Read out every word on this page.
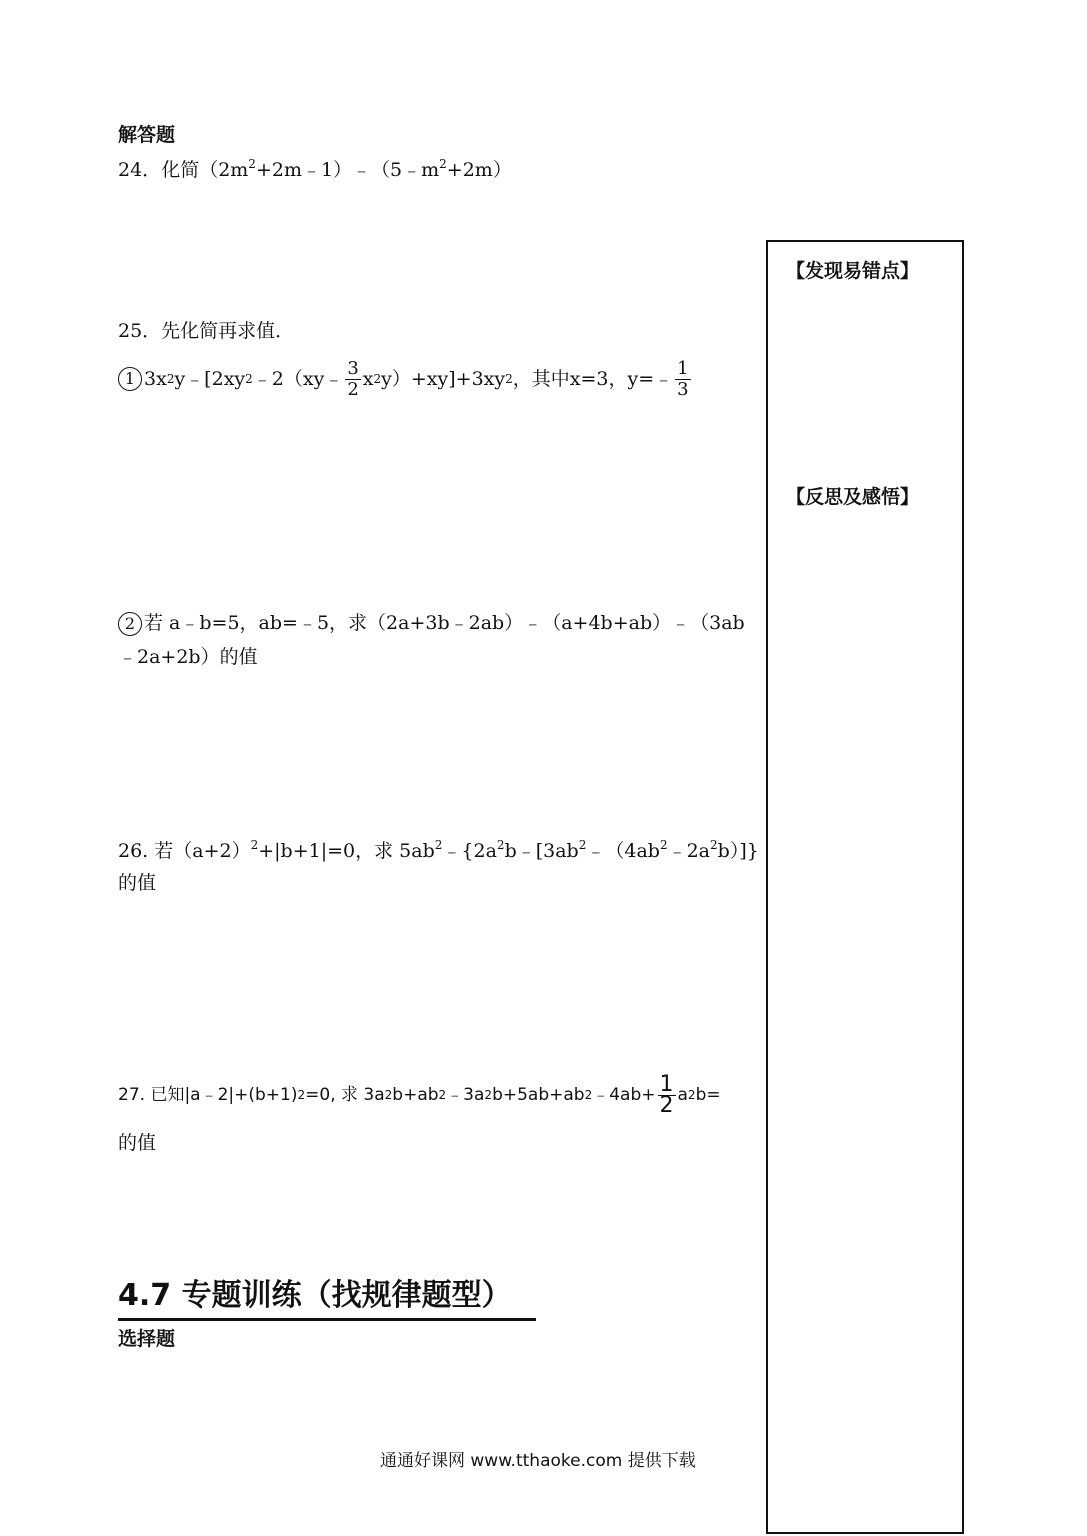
解答题
24．化简$(2m^2+2m﹣1)﹣(5﹣m^2+2m)$
25．先化简再求值．
1 3x 2 y﹣[2xy 2 ﹣2（xy﹣ $\frac{3}{2}$ x 2 y）+xy]+3xy 2 ，其中x=3，y=﹣ $\frac{1}{3}$
2 若 a﹣b=5，ab=﹣5，求（2a+3b﹣2ab）﹣（a+4b+ab）﹣（3ab
﹣2a+2b）的值
26. 若$(a+2)^2+|b+1|=0$，求 $5ab^2﹣\{2a^2b﹣[3ab^2﹣(4ab^2﹣2a^2b)]\}$
的值
27. 已知|a﹣2|+(b+1) 2 =0, 求 3a 2 b+ab 2 ﹣3a 2 b+5ab+ab 2 ﹣4ab+ $\frac{1}{2}$ a 2 b=
的值
4.7 专题训练（找规律题型）
选择题
【发现易错点】
【反思及感悟】
通通好课网 www.tthaoke.com 提供下载
